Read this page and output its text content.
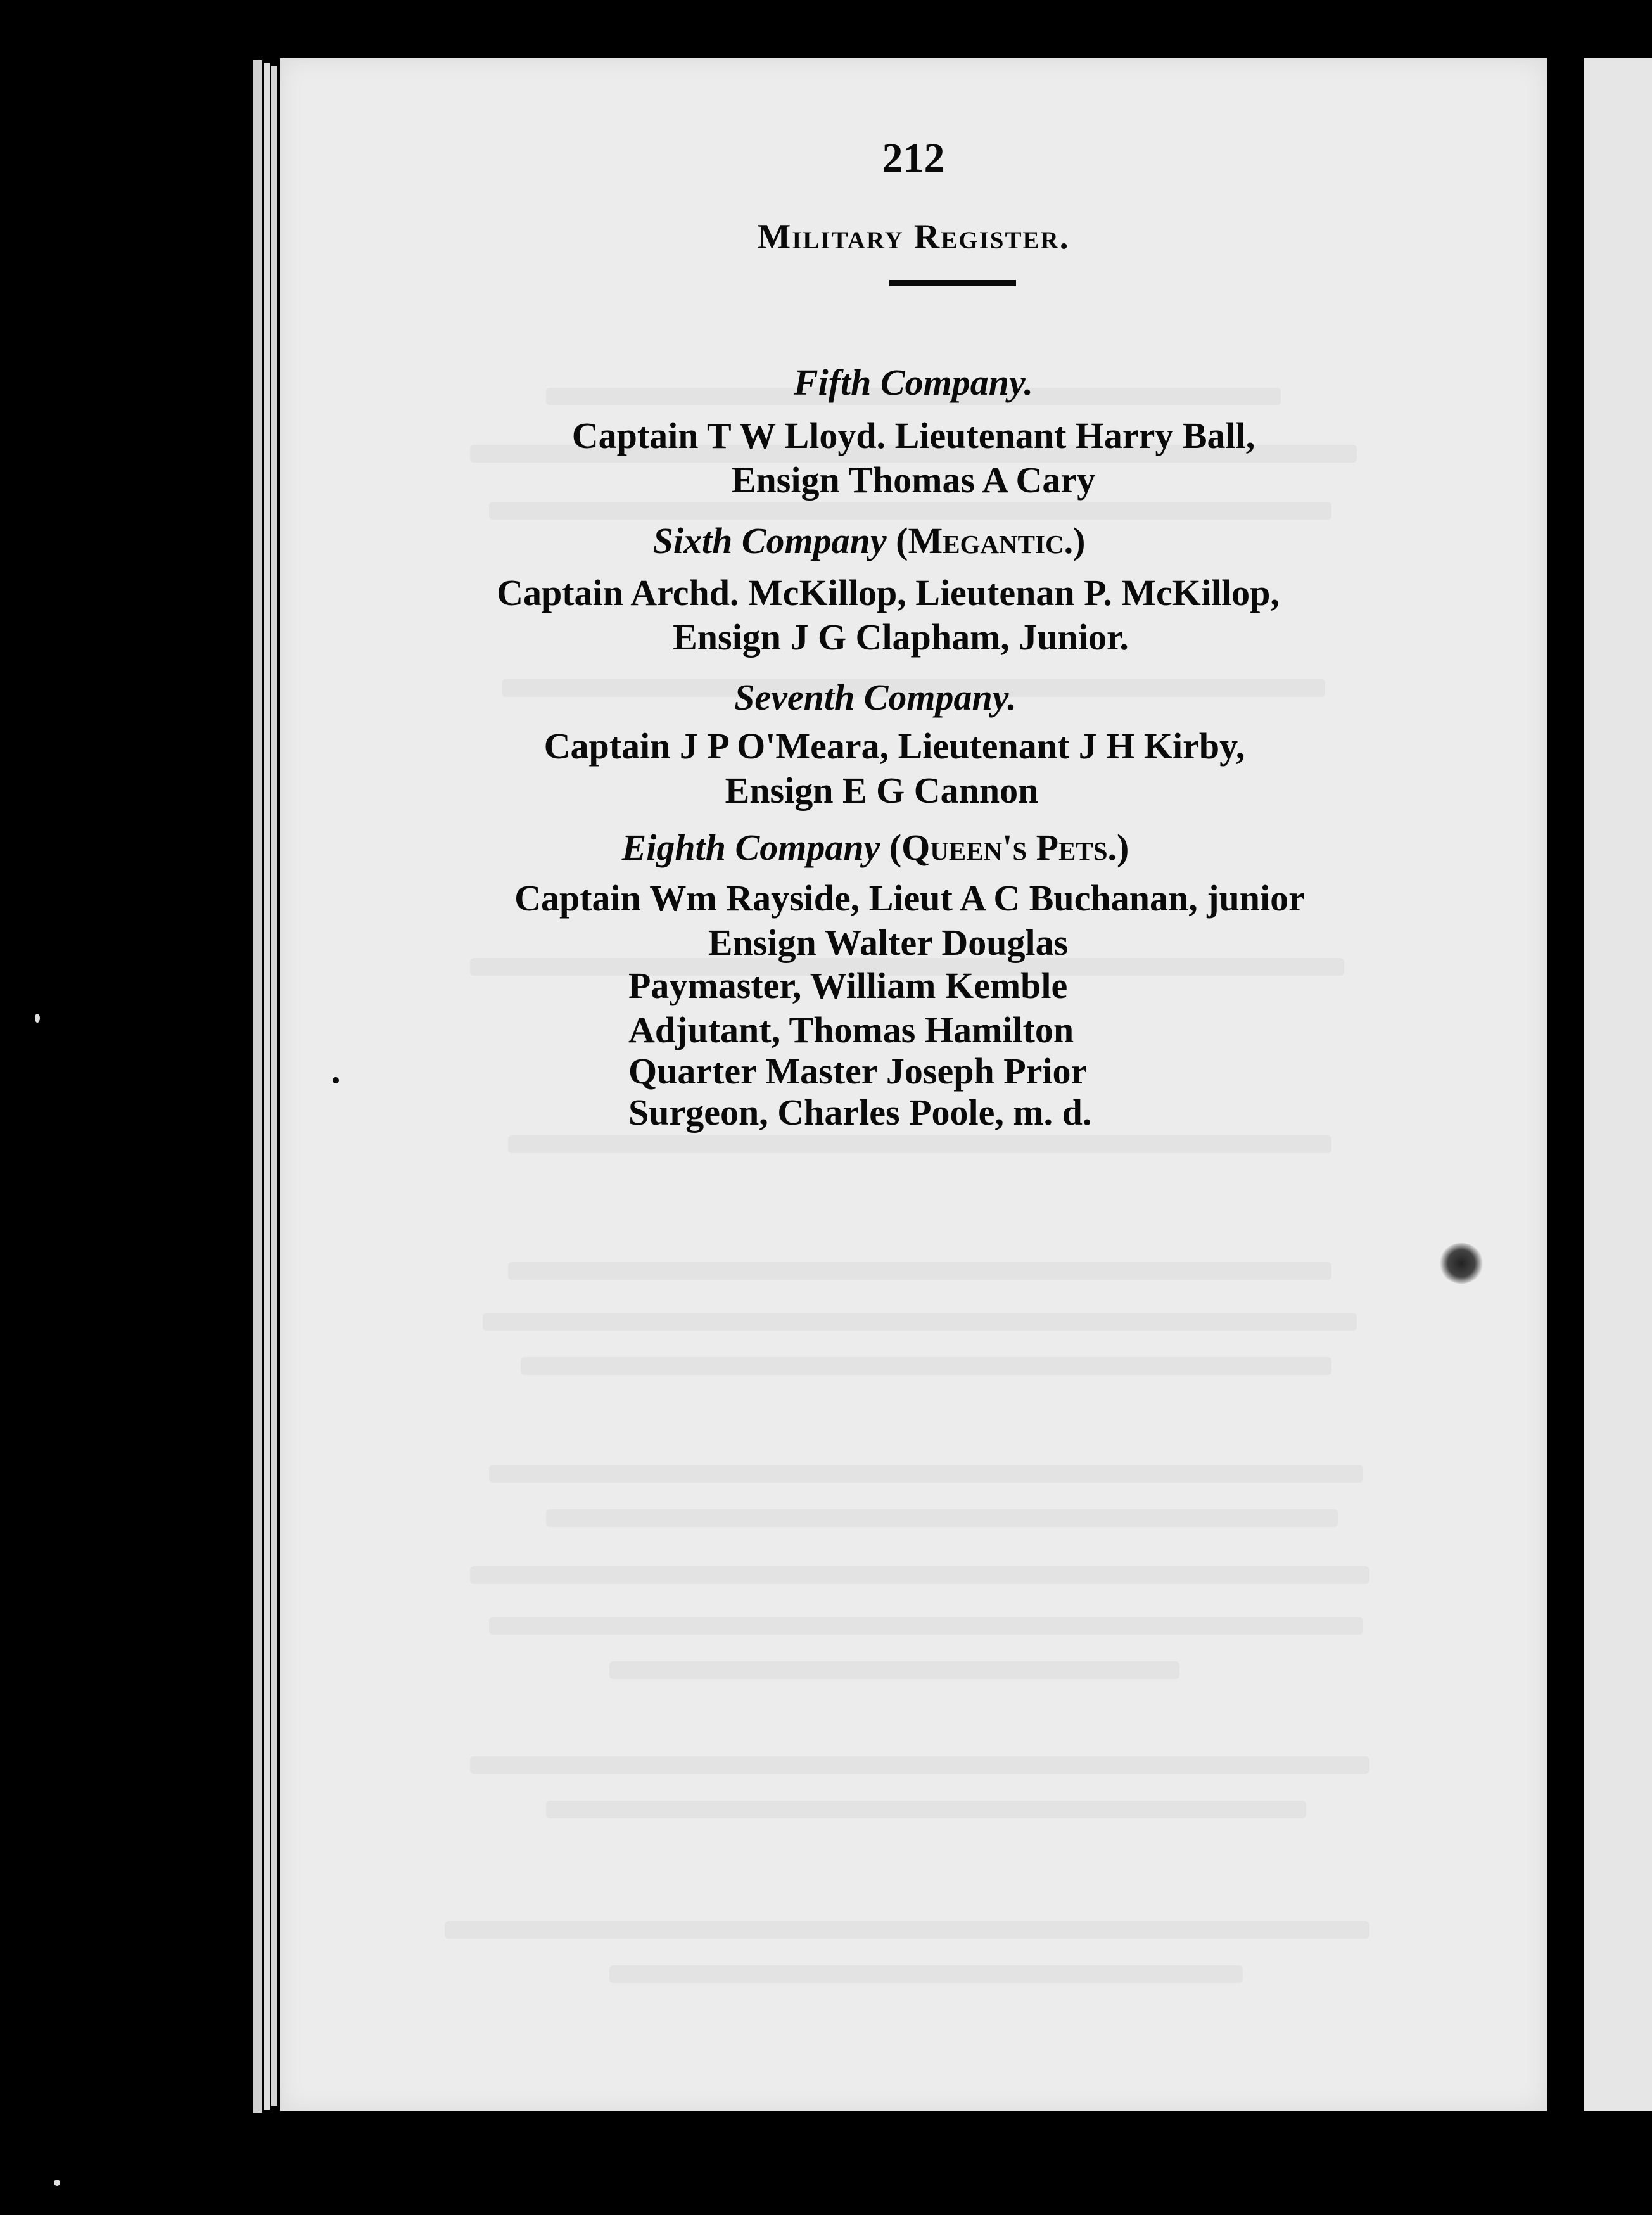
212
Military Register.
Fifth Company.
Captain T W Lloyd. Lieutenant Harry Ball,
Ensign Thomas A Cary
Sixth Company (Megantic.)
Captain Archd. McKillop, Lieutenan P. McKillop,
Ensign J G Clapham, Junior.
Seventh Company.
Captain J P O'Meara, Lieutenant J H Kirby,
Ensign E G Cannon
Eighth Company (Queen's Pets.)
Captain Wm Rayside, Lieut A C Buchanan, junior
Ensign Walter Douglas
Paymaster, William Kemble
Adjutant, Thomas Hamilton
Quarter Master Joseph Prior
Surgeon, Charles Poole, m. d.
